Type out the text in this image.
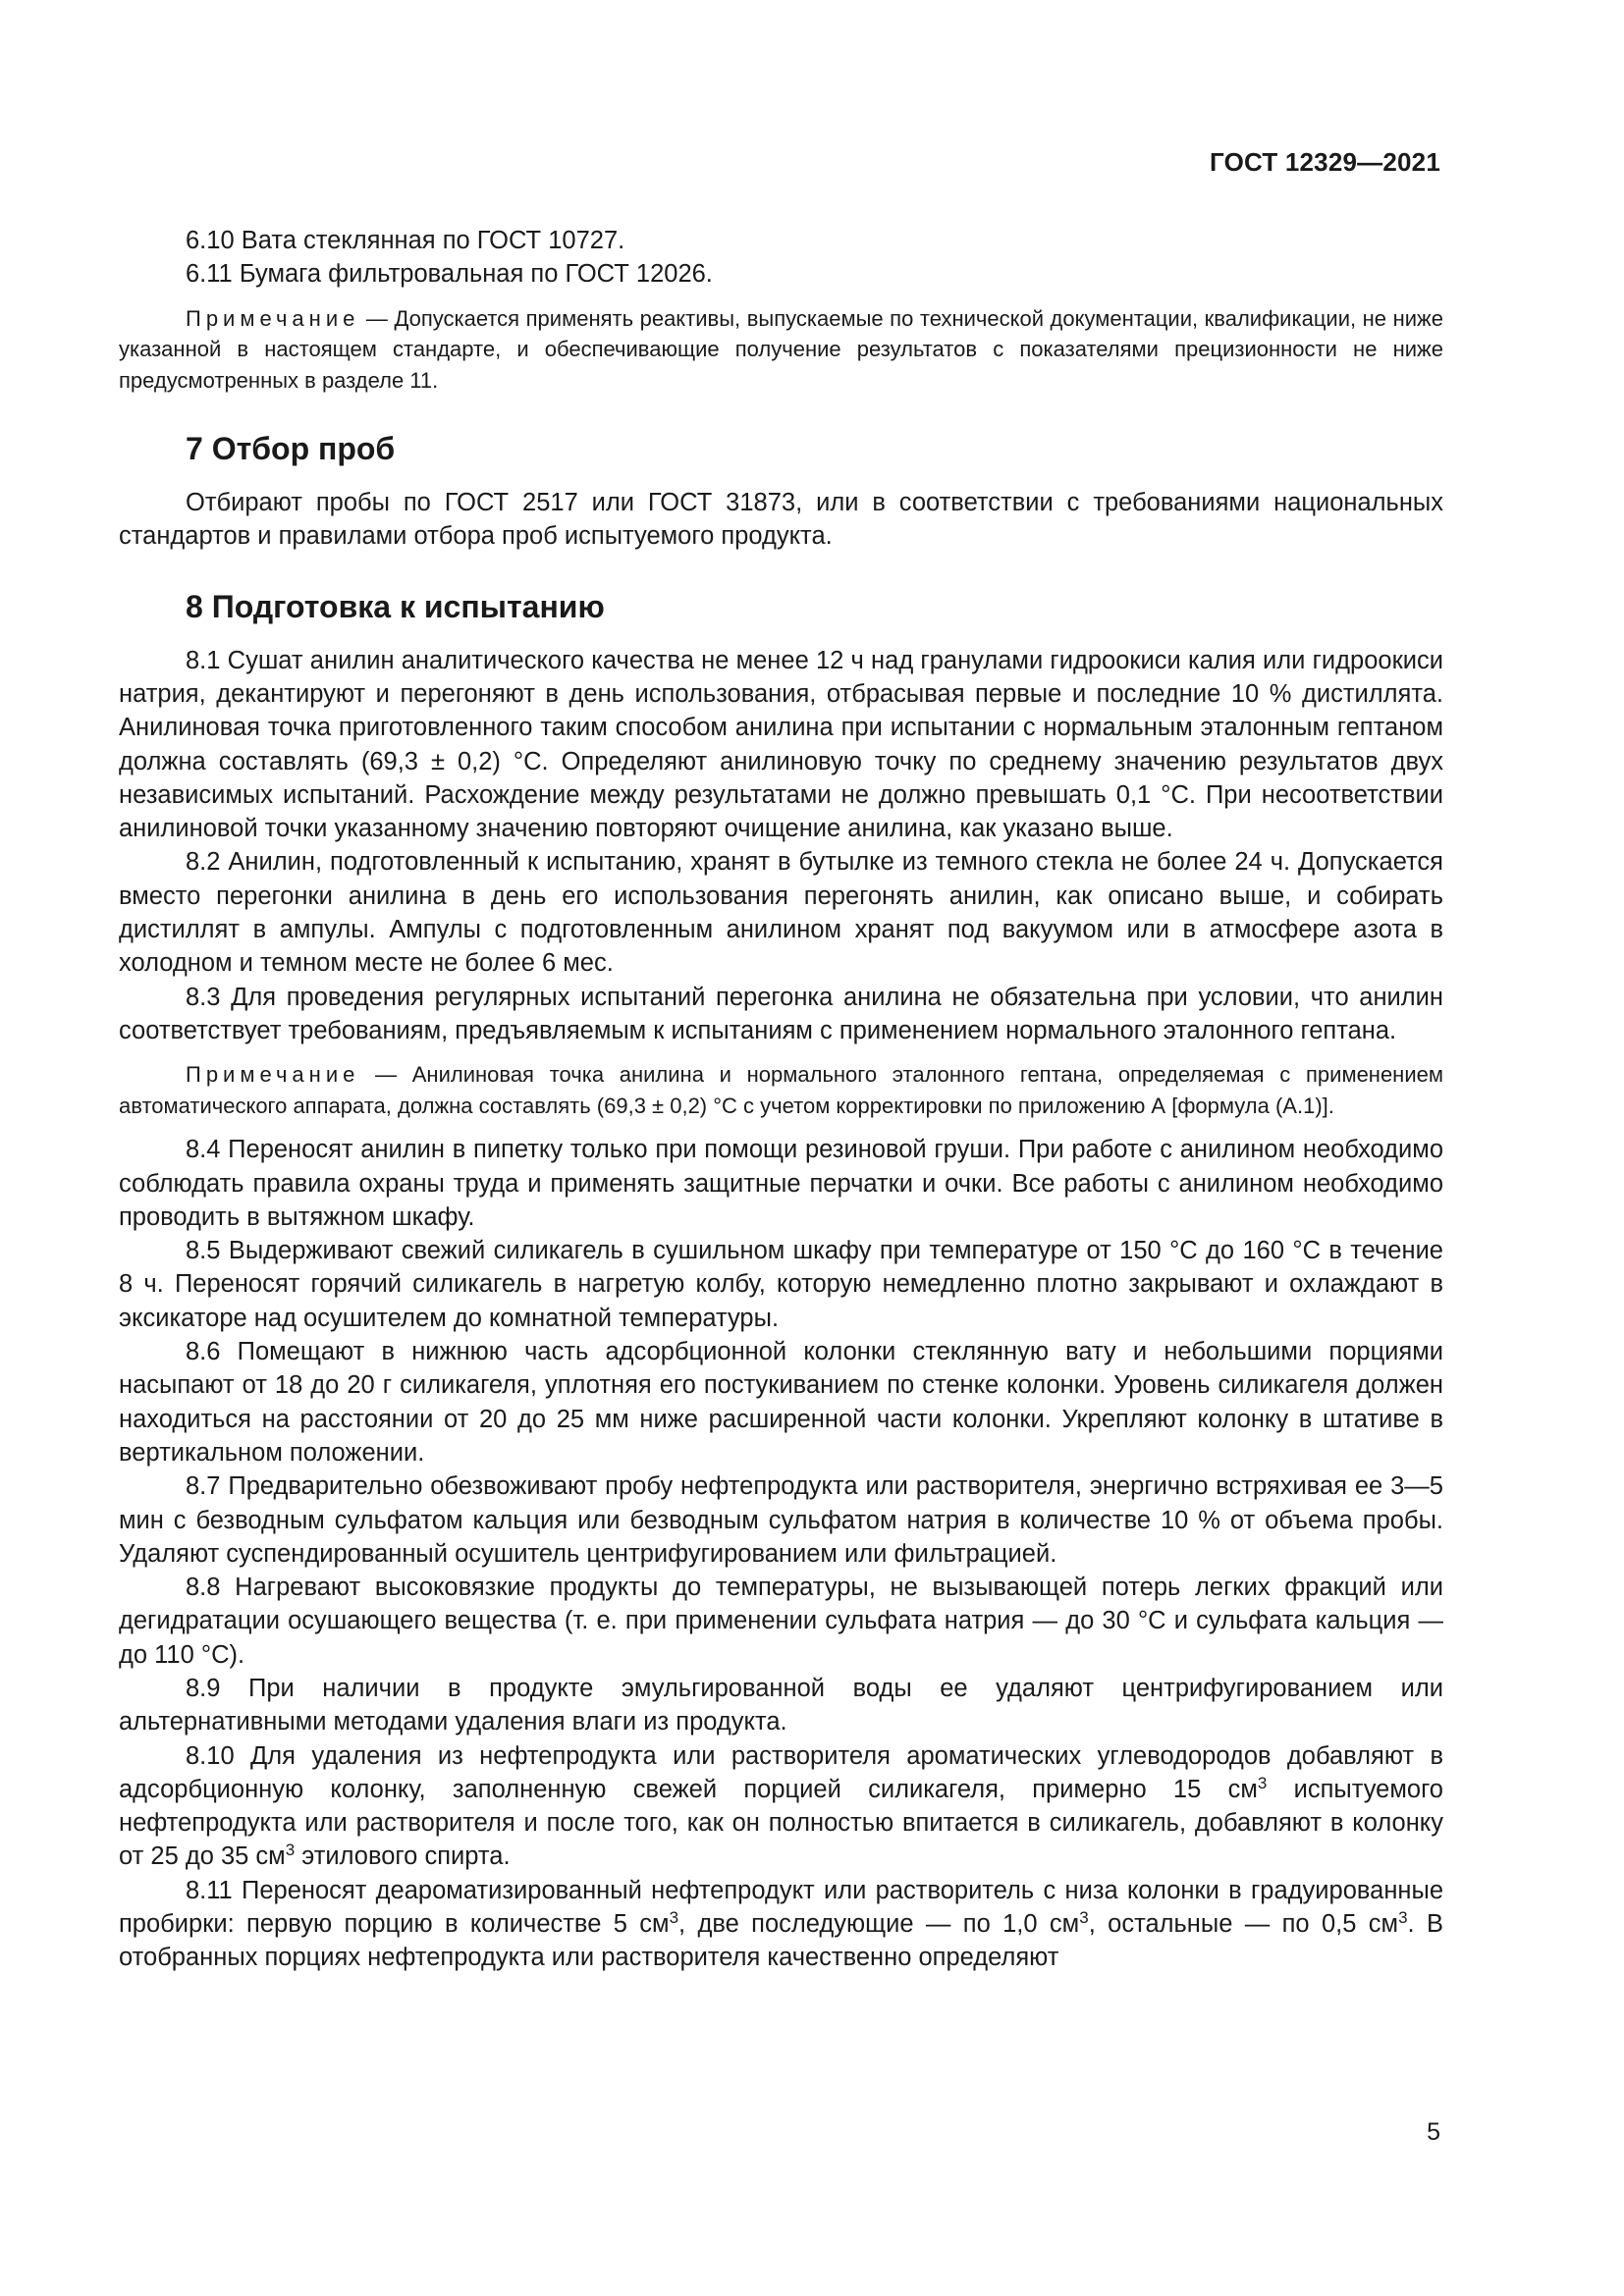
ГОСТ 12329—2021

6.10 Вата стеклянная по ГОСТ 10727.

6.11 Бумага фильтровальная по ГОСТ 12026.

Примечание — Допускается применять реактивы, выпускаемые по технической документации, квалификации, не ниже указанной в настоящем стандарте, и обеспечивающие получение результатов с показателями прецизионности не ниже предусмотренных в разделе 11.

7 Отбор проб

Отбирают пробы по ГОСТ 2517 или ГОСТ 31873, или в соответствии с требованиями национальных стандартов и правилами отбора проб испытуемого продукта.

8 Подготовка к испытанию

8.1 Сушат анилин аналитического качества не менее 12 ч над гранулами гидроокиси калия или гидроокиси натрия, декантируют и перегоняют в день использования, отбрасывая первые и последние 10 % дистиллята. Анилиновая точка приготовленного таким способом анилина при испытании с нормальным эталонным гептаном должна составлять (69,3 ± 0,2) °С. Определяют анилиновую точку по среднему значению результатов двух независимых испытаний. Расхождение между результатами не должно превышать 0,1 °С. При несоответствии анилиновой точки указанному значению повторяют очищение анилина, как указано выше.

8.2 Анилин, подготовленный к испытанию, хранят в бутылке из темного стекла не более 24 ч. Допускается вместо перегонки анилина в день его использования перегонять анилин, как описано выше, и собирать дистиллят в ампулы. Ампулы с подготовленным анилином хранят под вакуумом или в атмосфере азота в холодном и темном месте не более 6 мес.

8.3 Для проведения регулярных испытаний перегонка анилина не обязательна при условии, что анилин соответствует требованиям, предъявляемым к испытаниям с применением нормального эталонного гептана.

Примечание — Анилиновая точка анилина и нормального эталонного гептана, определяемая с применением автоматического аппарата, должна составлять (69,3 ± 0,2) °С с учетом корректировки по приложению А [формула (А.1)].

8.4 Переносят анилин в пипетку только при помощи резиновой груши. При работе с анилином необходимо соблюдать правила охраны труда и применять защитные перчатки и очки. Все работы с анилином необходимо проводить в вытяжном шкафу.

8.5 Выдерживают свежий силикагель в сушильном шкафу при температуре от 150 °С до 160 °С в течение 8 ч. Переносят горячий силикагель в нагретую колбу, которую немедленно плотно закрывают и охлаждают в эксикаторе над осушителем до комнатной температуры.

8.6 Помещают в нижнюю часть адсорбционной колонки стеклянную вату и небольшими порциями насыпают от 18 до 20 г силикагеля, уплотняя его постукиванием по стенке колонки. Уровень силикагеля должен находиться на расстоянии от 20 до 25 мм ниже расширенной части колонки. Укрепляют колонку в штативе в вертикальном положении.

8.7 Предварительно обезвоживают пробу нефтепродукта или растворителя, энергично встряхивая ее 3—5 мин с безводным сульфатом кальция или безводным сульфатом натрия в количестве 10 % от объема пробы. Удаляют суспендированный осушитель центрифугированием или фильтрацией.

8.8 Нагревают высоковязкие продукты до температуры, не вызывающей потерь легких фракций или дегидратации осушающего вещества (т. е. при применении сульфата натрия — до 30 °С и сульфата кальция — до 110 °С).

8.9 При наличии в продукте эмульгированной воды ее удаляют центрифугированием или альтернативными методами удаления влаги из продукта.

8.10 Для удаления из нефтепродукта или растворителя ароматических углеводородов добавляют в адсорбционную колонку, заполненную свежей порцией силикагеля, примерно 15 $см^3$ испытуемого нефтепродукта или растворителя и после того, как он полностью впитается в силикагель, добавляют в колонку от 25 до 35 $см^3$ этилового спирта.

8.11 Переносят деароматизированный нефтепродукт или растворитель с низа колонки в градуированные пробирки: первую порцию в количестве 5 $см^3$, две последующие — по 1,0 $см^3$, остальные — по 0,5 $см^3$. В отобранных порциях нефтепродукта или растворителя качественно определяют

5
